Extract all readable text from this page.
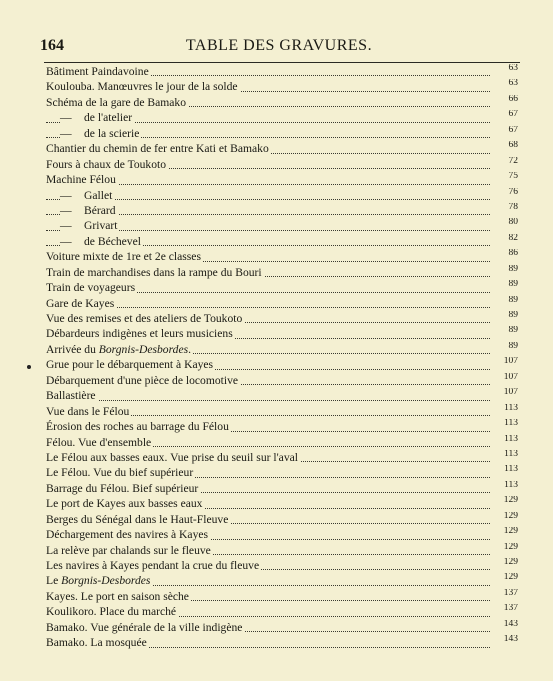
164	TABLE DES GRAVURES.
Bâtiment Paindavoine	63
Koulouba. Manœuvres le jour de la solde	63
Schéma de la gare de Bamako	66
— de l'atelier	67
— de la scierie	67
Chantier du chemin de fer entre Kati et Bamako	68
Fours à chaux de Toukoto	72
Machine Félou	75
— Gallet	76
— Bérard	78
— Grivart	80
— de Béchevel	82
Voiture mixte de 1re et 2e classes	86
Train de marchandises dans la rampe du Bouri	89
Train de voyageurs	89
Gare de Kayes	89
Vue des remises et des ateliers de Toukoto	89
Débardeurs indigènes et leurs musiciens	89
Arrivée du Borgnis-Desbordes.	89
Grue pour le débarquement à Kayes	107
Débarquement d'une pièce de locomotive	107
Ballastière	107
Vue dans le Félou	113
Érosion des roches au barrage du Félou	113
Félou. Vue d'ensemble	113
Le Félou aux basses eaux. Vue prise du seuil sur l'aval	113
Le Félou. Vue du bief supérieur	113
Barrage du Félou. Bief supérieur	113
Le port de Kayes aux basses eaux	129
Berges du Sénégal dans le Haut-Fleuve	129
Déchargement des navires à Kayes	129
La relève par chalands sur le fleuve	129
Les navires à Kayes pendant la crue du fleuve	129
Le Borgnis-Desbordes	129
Kayes. Le port en saison sèche	137
Koulikoro. Place du marché	137
Bamako. Vue générale de la ville indigène	143
Bamako. La mosquée	143
